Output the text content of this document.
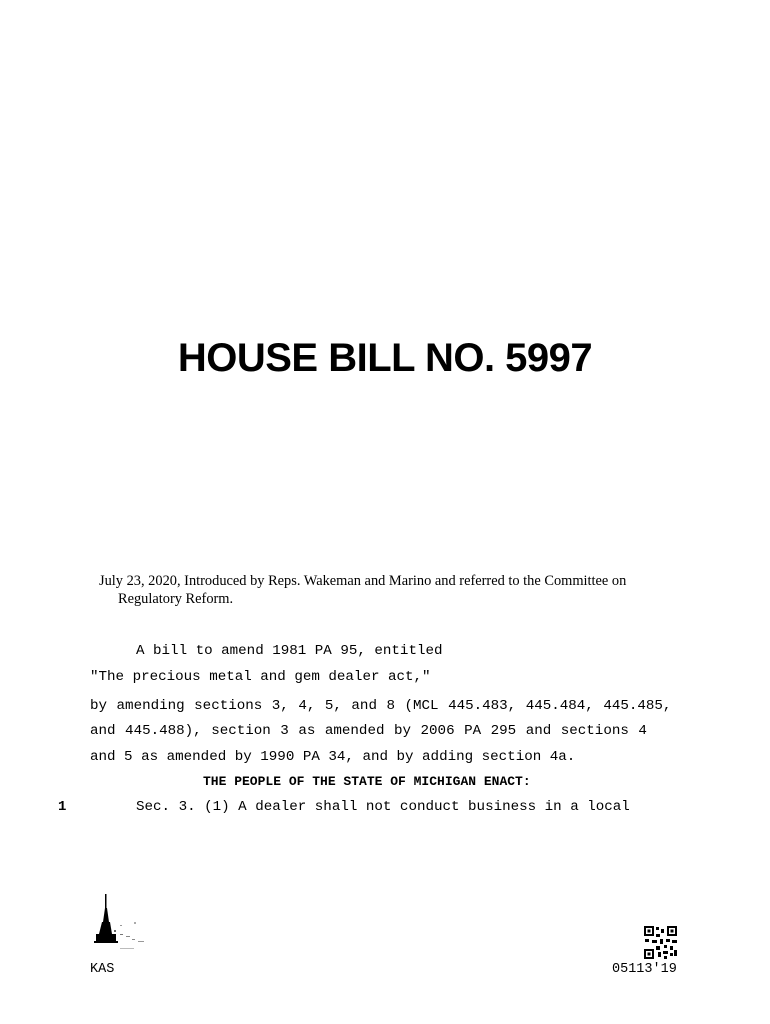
HOUSE BILL NO. 5997
July 23, 2020, Introduced by Reps. Wakeman and Marino and referred to the Committee on
Regulatory Reform.
A bill to amend 1981 PA 95, entitled
"The precious metal and gem dealer act,"
by amending sections 3, 4, 5, and 8 (MCL 445.483, 445.484, 445.485,
and 445.488), section 3 as amended by 2006 PA 295 and sections 4
and 5 as amended by 1990 PA 34, and by adding section 4a.
THE PEOPLE OF THE STATE OF MICHIGAN ENACT:
1	Sec. 3. (1) A dealer shall not conduct business in a local
KAS	05113'19
